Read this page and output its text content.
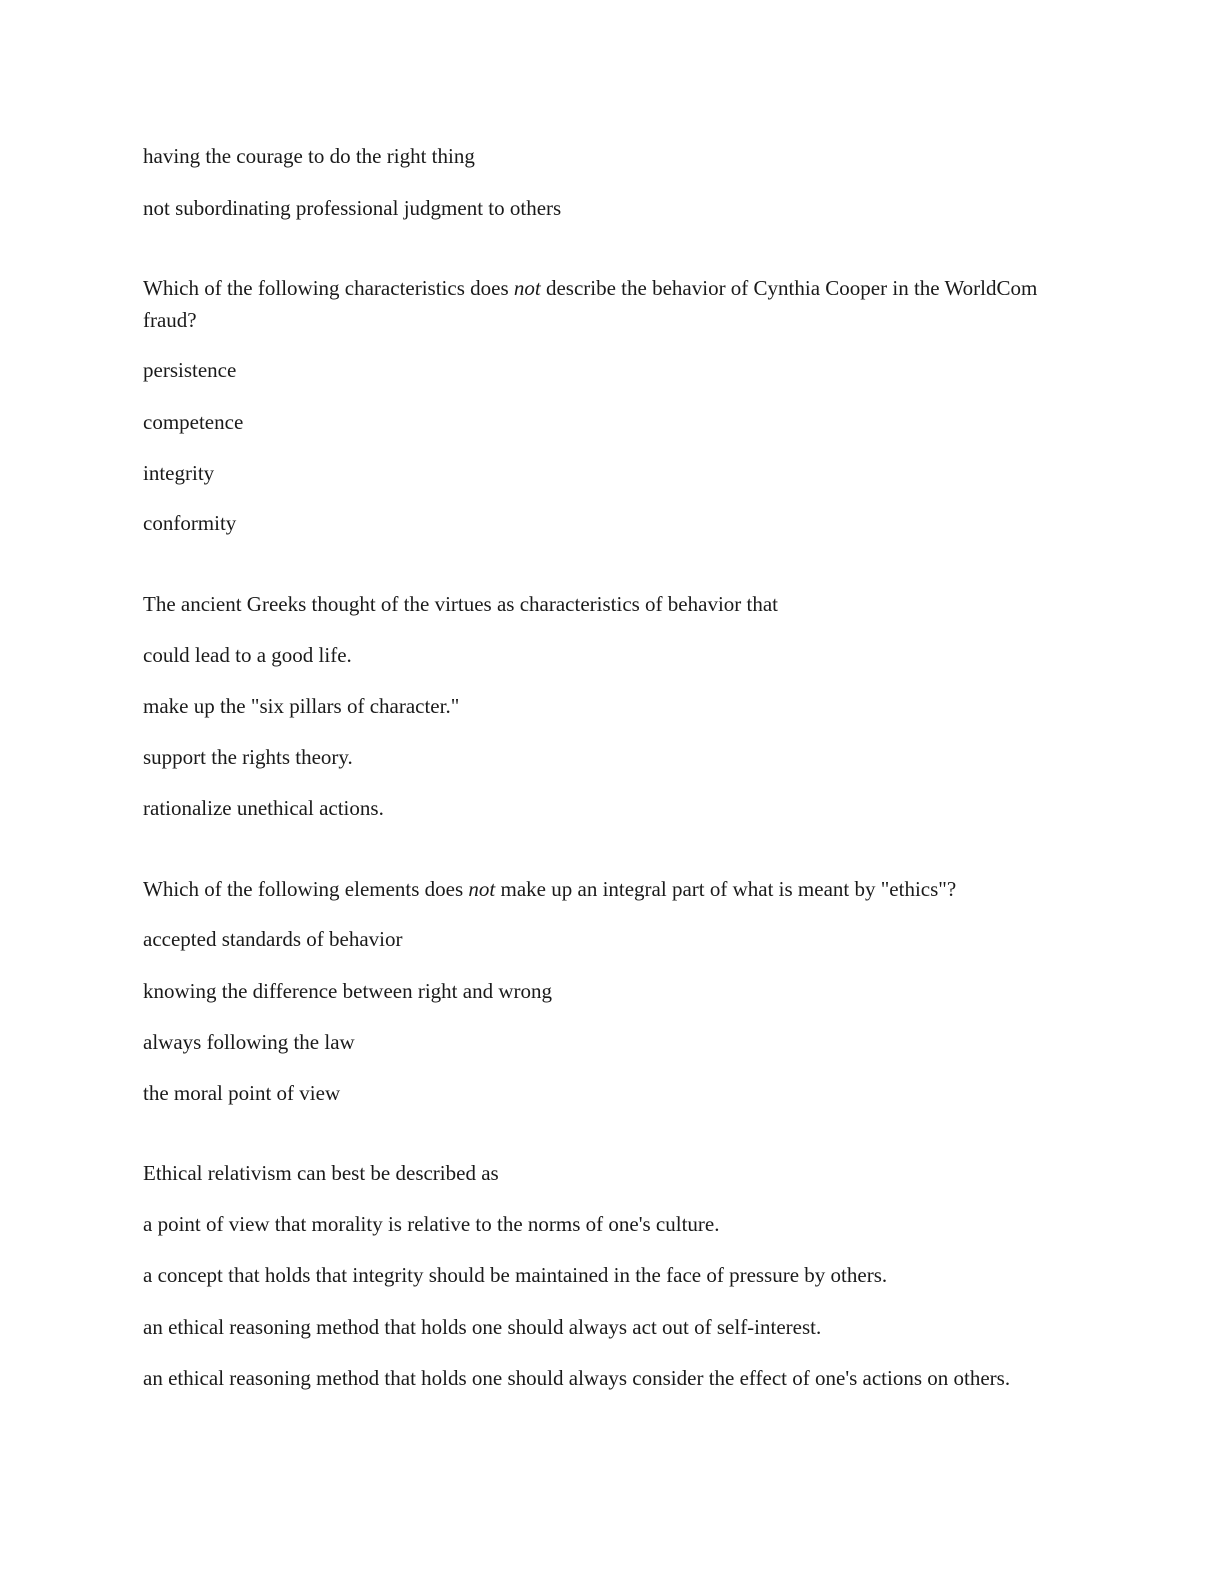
having the courage to do the right thing
not subordinating professional judgment to others
Which of the following characteristics does not describe the behavior of Cynthia Cooper in the WorldCom fraud?
persistence
competence
integrity
conformity
The ancient Greeks thought of the virtues as characteristics of behavior that
could lead to a good life.
make up the "six pillars of character."
support the rights theory.
rationalize unethical actions.
Which of the following elements does not make up an integral part of what is meant by "ethics"?
accepted standards of behavior
knowing the difference between right and wrong
always following the law
the moral point of view
Ethical relativism can best be described as
a point of view that morality is relative to the norms of one's culture.
a concept that holds that integrity should be maintained in the face of pressure by others.
an ethical reasoning method that holds one should always act out of self-interest.
an ethical reasoning method that holds one should always consider the effect of one's actions on others.
